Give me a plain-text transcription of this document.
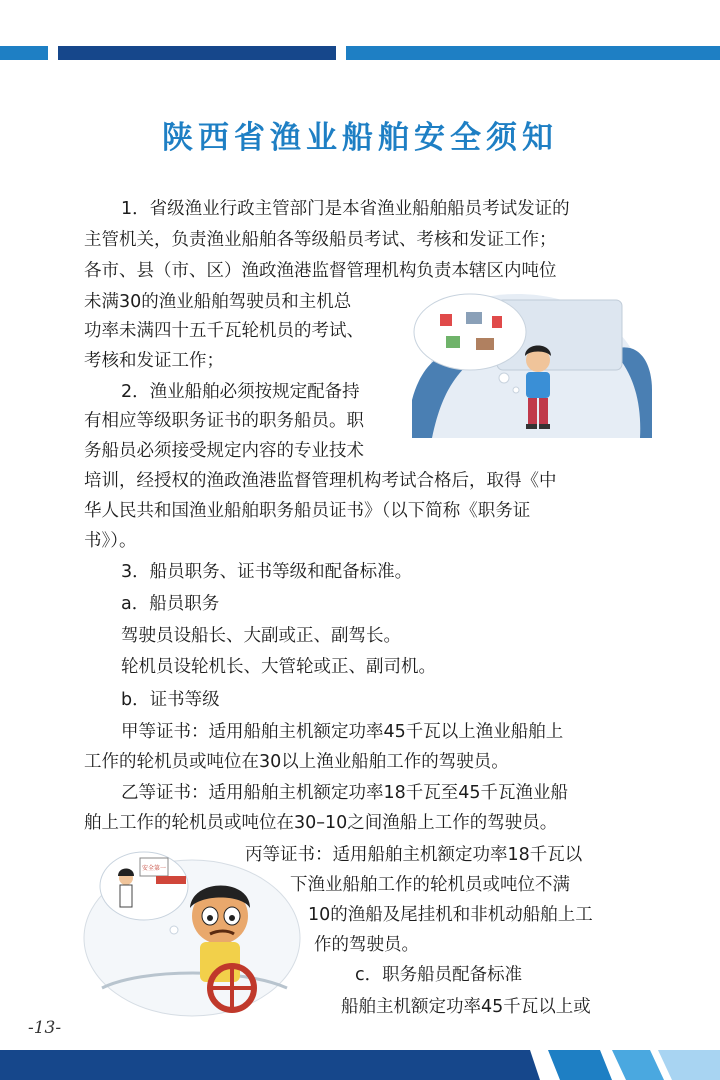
陕西省渔业船舶安全须知
安全第一
1．省级渔业行政主管部门是本省渔业船舶船员考试发证的
主管机关，负责渔业船舶各等级船员考试、考核和发证工作；
各市、县（市、区）渔政渔港监督管理机构负责本辖区内吨位
未满30的渔业船舶驾驶员和主机总
功率未满四十五千瓦轮机员的考试、
考核和发证工作；
2．渔业船舶必须按规定配备持
有相应等级职务证书的职务船员。职
务船员必须接受规定内容的专业技术
培训，经授权的渔政渔港监督管理机构考试合格后，取得《中
华人民共和国渔业船舶职务船员证书》（以下简称《职务证
书》）。
3．船员职务、证书等级和配备标准。
a．船员职务
驾驶员设船长、大副或正、副驾长。
轮机员设轮机长、大管轮或正、副司机。
b．证书等级
甲等证书：适用船舶主机额定功率45千瓦以上渔业船舶上
工作的轮机员或吨位在30以上渔业船舶工作的驾驶员。
乙等证书：适用船舶主机额定功率18千瓦至45千瓦渔业船
舶上工作的轮机员或吨位在30–10之间渔船上工作的驾驶员。
丙等证书：适用船舶主机额定功率18千瓦以
下渔业船舶工作的轮机员或吨位不满
10的渔船及尾挂机和非机动船舶上工
作的驾驶员。
c．职务船员配备标准
船舶主机额定功率45千瓦以上或
-13-
